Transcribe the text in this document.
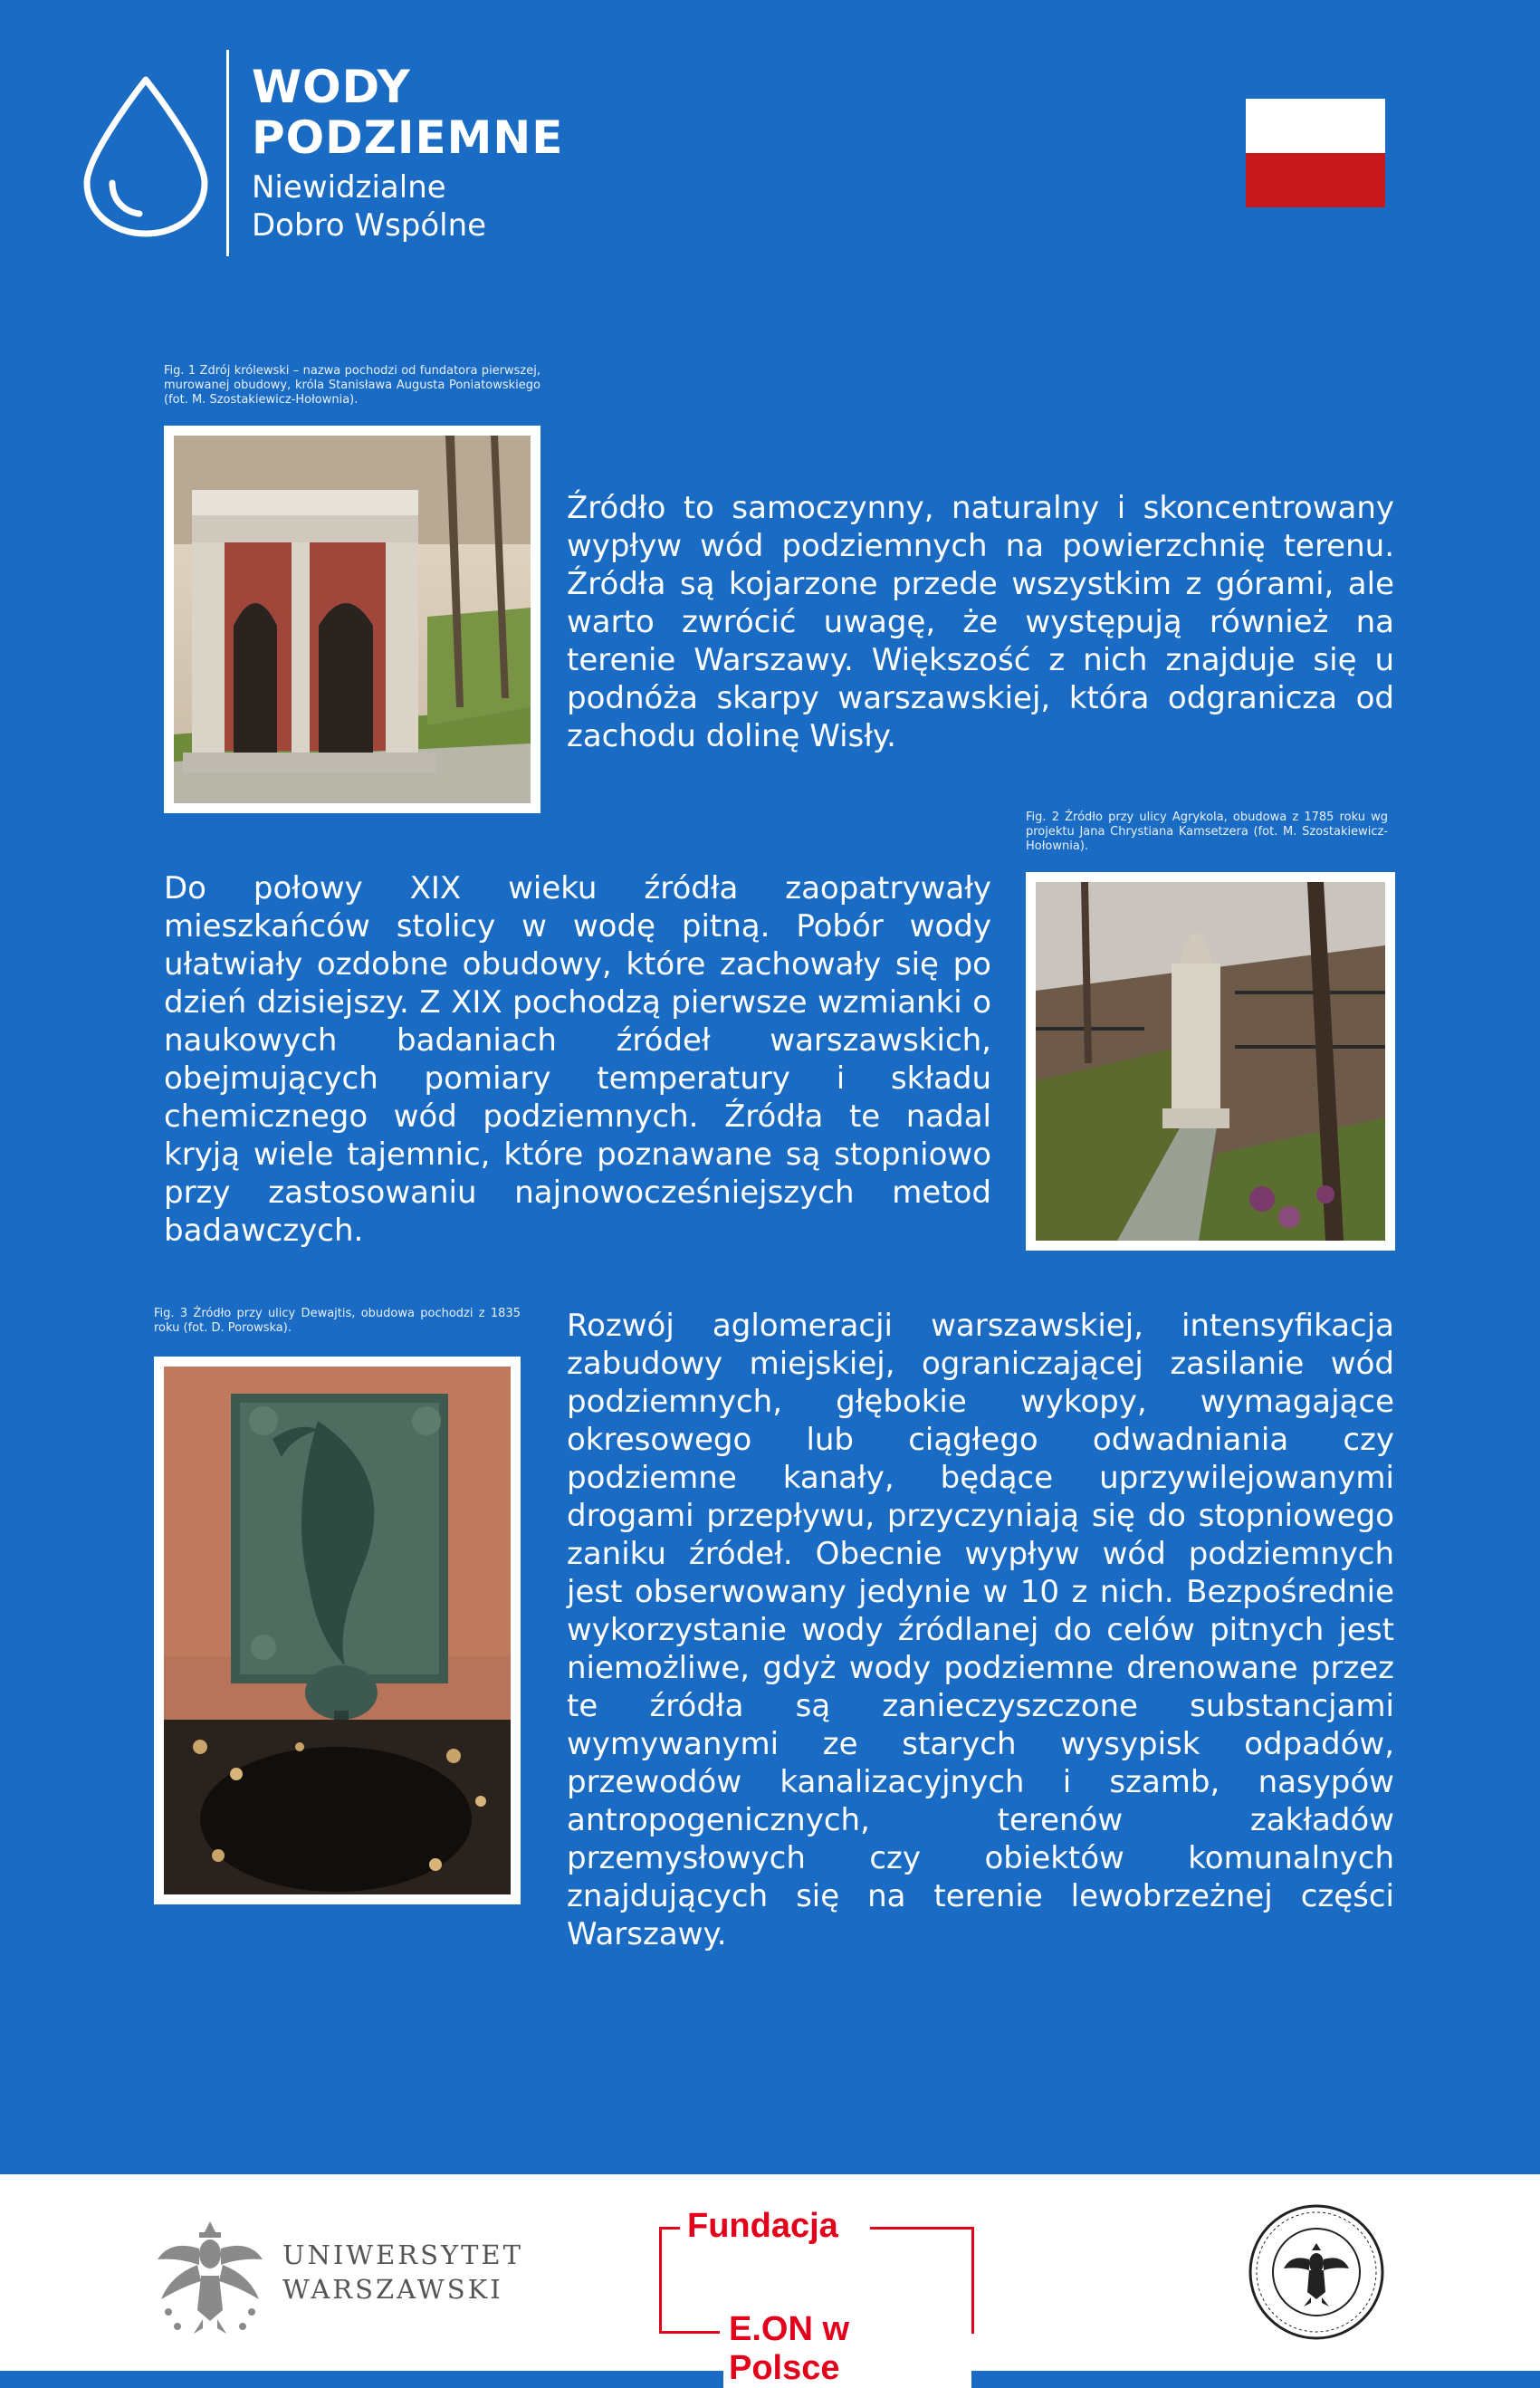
WODY
PODZIEMNE
Niewidzialne
Dobro Wspólne
Fig. 1 Zdrój królewski – nazwa pochodzi od fundatora pierwszej, murowanej obudowy, króla Stanisława Augusta Poniatowskiego (fot. M. Szostakiewicz-Hołownia).
Źródło to samoczynny, naturalny i skoncentrowany wypływ wód podziemnych na powierzchnię terenu. Źródła są kojarzone przede wszystkim z górami, ale warto zwrócić uwagę, że występują również na terenie Warszawy. Większość z nich znajduje się u podnóża skarpy warszawskiej, która odgranicza od zachodu dolinę Wisły.
Fig. 2 Źródło przy ulicy Agrykola, obudowa z 1785 roku wg projektu Jana Chrystiana Kamsetzera (fot. M. Szostakiewicz-Hołownia).
Do połowy XIX wieku źródła zaopatrywały mieszkańców stolicy w wodę pitną. Pobór wody ułatwiały ozdobne obudowy, które zachowały się po dzień dzisiejszy. Z XIX pochodzą pierwsze wzmianki o naukowych badaniach źródeł warszawskich, obejmujących pomiary temperatury i składu chemicznego wód podziemnych. Źródła te nadal kryją wiele tajemnic, które poznawane są stopniowo przy zastosowaniu najnowocześniejszych metod badawczych.
Fig. 3 Źródło przy ulicy Dewajtis, obudowa pochodzi z 1835 roku (fot. D. Porowska).	Rozwój aglomeracji warszawskiej, intensyfikacja zabudowy miejskiej, ograniczającej zasilanie wód podziemnych, głębokie wykopy, wymagające okresowego lub ciągłego odwadniania czy podziemne kanały, będące uprzywilejowanymi drogami przepływu, przyczyniają się do stopniowego zaniku źródeł. Obecnie wypływ wód podziemnych jest obserwowany jedynie w 10 z nich. Bezpośrednie wykorzystanie wody źródlanej do celów pitnych jest niemożliwe, gdyż wody podziemne drenowane przez te źródła są zanieczyszczone substancjami wymywanymi ze starych wysypisk odpadów, przewodów kanalizacyjnych i szamb, nasypów antropogenicznych, terenów zakładów przemysłowych czy obiektów komunalnych znajdujących się na terenie lewobrzeżnej części Warszawy.
UNIWERSYTET
WARSZAWSKI
Fundacja
E.ON w Polsce
